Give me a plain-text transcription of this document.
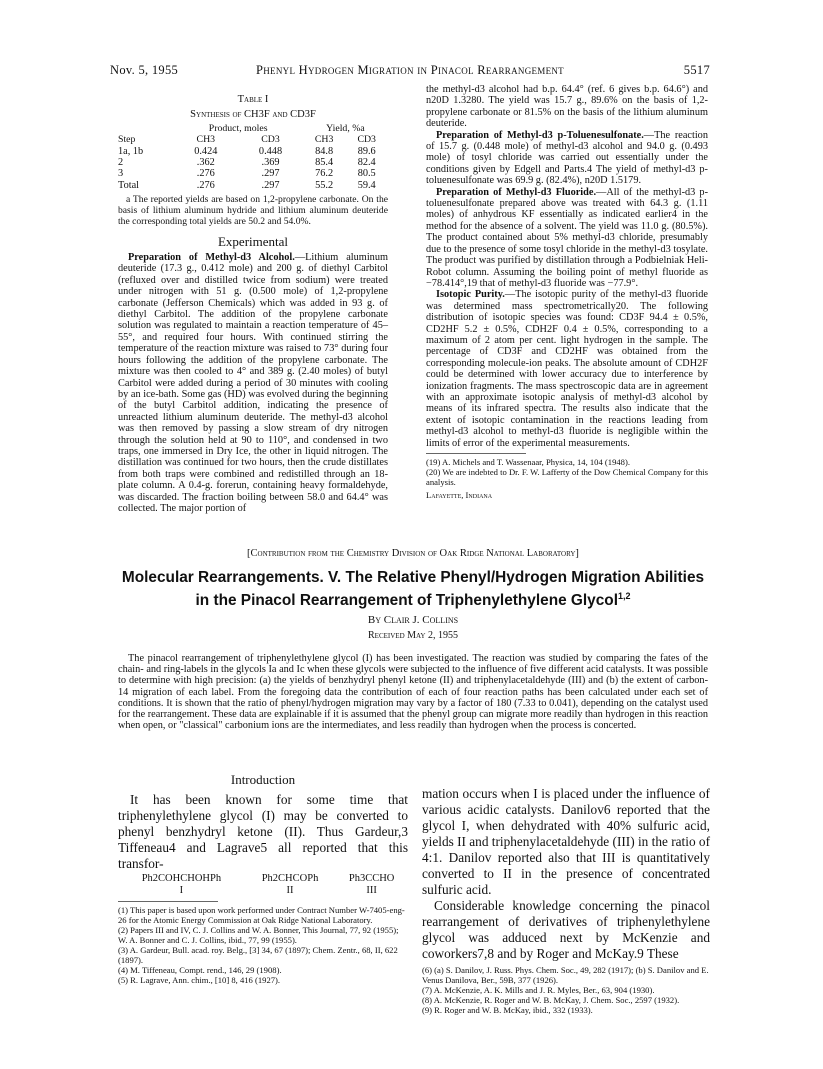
Nov. 5, 1955	Phenyl Hydrogen Migration in Pinacol Rearrangement	5517
Table I
Synthesis of CH3F and CD3F
	Product, moles		Yield, %a	
Step	CH3	CD3	CH3	CD3
1a, 1b	0.424	0.448	84.8	89.6
2	.362	.369	85.4	82.4
3	.276	.297	76.2	80.5
Total	.276	.297	55.2	59.4
a The reported yields are based on 1,2-propylene carbonate. On the basis of lithium aluminum hydride and lithium aluminum deuteride the corresponding total yields are 50.2 and 54.0%.
Experimental

Preparation of Methyl-d3 Alcohol.—Lithium aluminum deuteride (17.3 g., 0.412 mole) and 200 g. of diethyl Carbitol (refluxed over and distilled twice from sodium) were treated under nitrogen with 51 g. (0.500 mole) of 1,2-propylene carbonate (Jefferson Chemicals) which was added in 93 g. of diethyl Carbitol. The addition of the propylene carbonate solution was regulated to maintain a reaction temperature of 45–55°, and required four hours. With continued stirring the temperature of the reaction mixture was raised to 73° during four hours following the addition of the propylene carbonate. The mixture was then cooled to 4° and 389 g. (2.40 moles) of butyl Carbitol were added during a period of 30 minutes with cooling by an ice-bath. Some gas (HD) was evolved during the beginning of the butyl Carbitol addition, indicating the presence of unreacted lithium aluminum deuteride. The methyl-d3 alcohol was then removed by passing a slow stream of dry nitrogen through the solution held at 90 to 110°, and condensed in two traps, one immersed in Dry Ice, the other in liquid nitrogen. The distillation was continued for two hours, then the crude distillates from both traps were combined and redistilled through an 18-plate column. A 0.4-g. forerun, containing heavy formaldehyde, was discarded. The fraction boiling between 58.0 and 64.4° was collected. The major portion of

the methyl-d3 alcohol had b.p. 64.4° (ref. 6 gives b.p. 64.6°) and n20D 1.3280. The yield was 15.7 g., 89.6% on the basis of 1,2-propylene carbonate or 81.5% on the basis of the lithium aluminum deuteride.

Preparation of Methyl-d3 p-Toluenesulfonate.—The reaction of 15.7 g. (0.448 mole) of methyl-d3 alcohol and 94.0 g. (0.493 mole) of tosyl chloride was carried out essentially under the conditions given by Edgell and Parts.4 The yield of methyl-d3 p-toluenesulfonate was 69.9 g. (82.4%), n20D 1.5179.

Preparation of Methyl-d3 Fluoride.—All of the methyl-d3 p-toluenesulfonate prepared above was treated with 64.3 g. (1.11 moles) of anhydrous KF essentially as indicated earlier4 in the method for the absence of a solvent. The yield was 11.0 g. (80.5%). The product contained about 5% methyl-d3 chloride, presumably due to the presence of some tosyl chloride in the methyl-d3 tosylate. The product was purified by distillation through a Podbielniak Heli-Robot column. Assuming the boiling point of methyl fluoride as −78.414°,19 that of methyl-d3 fluoride was −77.9°.

Isotopic Purity.—The isotopic purity of the methyl-d3 fluoride was determined mass spectrometrically20. The following distribution of isotopic species was found: CD3F 94.4 ± 0.5%, CD2HF 5.2 ± 0.5%, CDH2F 0.4 ± 0.5%, corresponding to a maximum of 2 atom per cent. light hydrogen in the sample. The percentage of CD3F and CD2HF was obtained from the corresponding molecule-ion peaks. The absolute amount of CDH2F could be determined with lower accuracy due to interference by ionization fragments. The mass spectroscopic data are in agreement with an approximate isotopic analysis of methyl-d3 alcohol by means of its infrared spectra. The results also indicate that the extent of isotopic contamination in the reactions leading from methyl-d3 alcohol to methyl-d3 fluoride is negligible within the limits of error of the experimental measurements.

(19) A. Michels and T. Wassenaar, Physica, 14, 104 (1948).
(20) We are indebted to Dr. F. W. Lafferty of the Dow Chemical Company for this analysis.
Lafayette, Indiana
[Contribution from the Chemistry Division of Oak Ridge National Laboratory]
Molecular Rearrangements. V. The Relative Phenyl/Hydrogen Migration Abilities
in the Pinacol Rearrangement of Triphenylethylene Glycol$^{1,2}$
By Clair J. Collins
Received May 2, 1955
The pinacol rearrangement of triphenylethylene glycol (I) has been investigated. The reaction was studied by comparing the fates of the chain- and ring-labels in the glycols Ia and Ic when these glycols were subjected to the influence of five different acid catalysts. It was possible to determine with high precision: (a) the yields of benzhydryl phenyl ketone (II) and triphenylacetaldehyde (III) and (b) the extent of carbon-14 migration of each label. From the foregoing data the contribution of each of four reaction paths has been calculated under each set of conditions. It is shown that the ratio of phenyl/hydrogen migration may vary by a factor of 180 (7.33 to 0.041), depending on the catalyst used for the rearrangement. These data are explainable if it is assumed that the phenyl group can migrate more readily than hydrogen in this reaction when open, or "classical" carbonium ions are the intermediates, and less readily than hydrogen when the process is concerted.
Introduction
It has been known for some time that triphenylethylene glycol (I) may be converted to phenyl benzhydryl ketone (II). Thus Gardeur,3 Tiffeneau4 and Lagrave5 all reported that this transfor-
Ph2COHCHOHPh	Ph2CHCOPh	Ph3CCHO
I	II	III

(1) This paper is based upon work performed under Contract Number W-7405-eng-26 for the Atomic Energy Commission at Oak Ridge National Laboratory.

(2) Papers III and IV, C. J. Collins and W. A. Bonner, This Journal, 77, 92 (1955); W. A. Bonner and C. J. Collins, ibid., 77, 99 (1955).

(3) A. Gardeur, Bull. acad. roy. Belg., [3] 34, 67 (1897); Chem. Zentr., 68, II, 622 (1897).

(4) M. Tiffeneau, Compt. rend., 146, 29 (1908).

(5) R. Lagrave, Ann. chim., [10] 8, 416 (1927).

mation occurs when I is placed under the influence of various acidic catalysts. Danilov6 reported that the glycol I, when dehydrated with 40% sulfuric acid, yields II and triphenylacetaldehyde (III) in the ratio of 4:1. Danilov reported also that III is quantitatively converted to II in the presence of concentrated sulfuric acid.
Considerable knowledge concerning the pinacol rearrangement of derivatives of triphenylethylene glycol was adduced next by McKenzie and coworkers7,8 and by Roger and McKay.9 These

(6) (a) S. Danilov, J. Russ. Phys. Chem. Soc., 49, 282 (1917); (b) S. Danilov and E. Venus Danilova, Ber., 59B, 377 (1926).

(7) A. McKenzie, A. K. Mills and J. R. Myles, Ber., 63, 904 (1930).

(8) A. McKenzie, R. Roger and W. B. McKay, J. Chem. Soc., 2597 (1932).

(9) R. Roger and W. B. McKay, ibid., 332 (1933).
